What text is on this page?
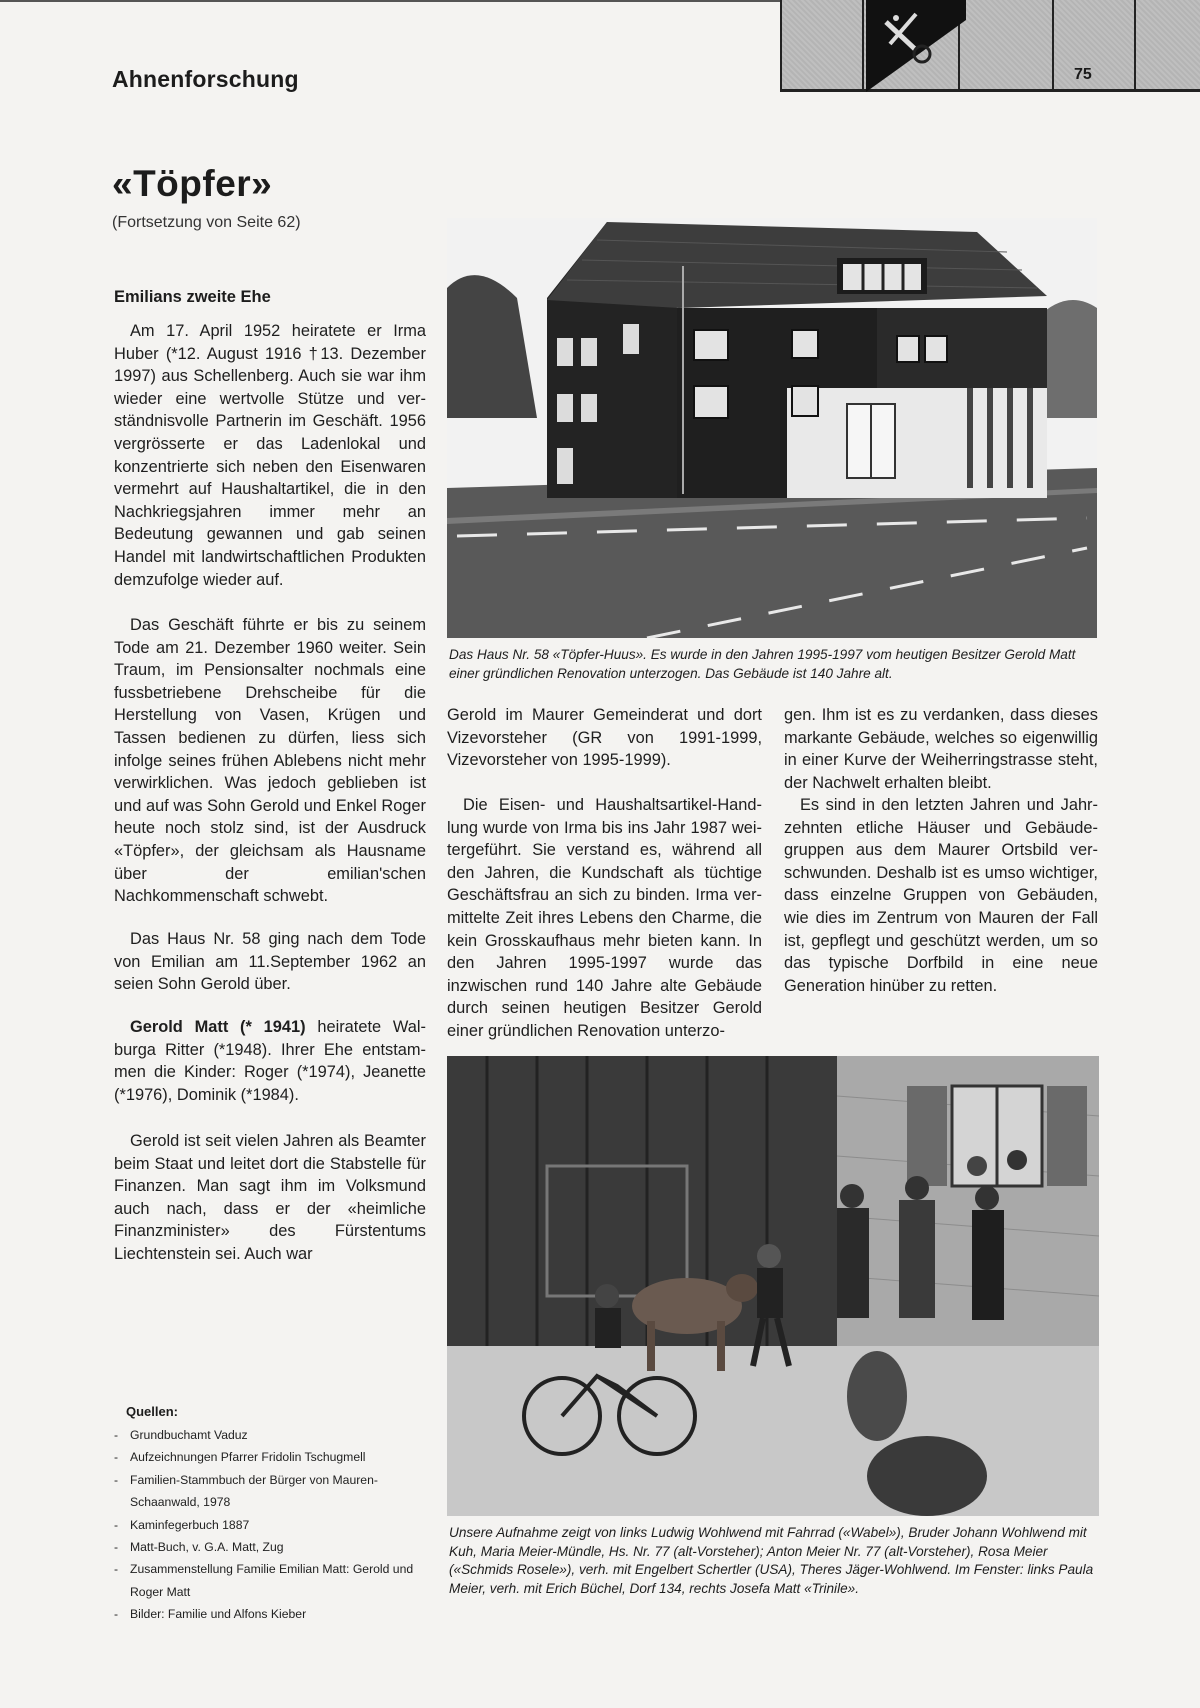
Ahnenforschung	75
«Töpfer»
(Fortsetzung von Seite 62)
Emilians zweite Ehe

Am 17. April 1952 heiratete er Irma Huber (*12. August 1916 †13. Dezember 1997) aus Schellenberg. Auch sie war ihm wieder eine wertvolle Stütze und verständnisvolle Partnerin im Geschäft. 1956 vergrösserte er das Ladenlokal und konzentrierte sich neben den Eisenwaren vermehrt auf Haushaltartikel, die in den Nachkriegsjahren immer mehr an Bedeutung gewannen und gab seinen Handel mit landwirtschaftlichen Produkten demzufolge wieder auf.

Das Geschäft führte er bis zu seinem Tode am 21. Dezember 1960 weiter. Sein Traum, im Pensionsalter nochmals eine fussbetriebene Drehscheibe für die Herstellung von Vasen, Krügen und Tassen bedienen zu dürfen, liess sich infolge seines frühen Ablebens nicht mehr verwirklichen. Was jedoch geblieben ist und auf was Sohn Gerold und Enkel Roger heute noch stolz sind, ist der Ausdruck «Töpfer», der gleichsam als Hausname über der emilian'schen Nachkommenschaft schwebt.

Das Haus Nr. 58 ging nach dem Tode von Emilian am 11.September 1962 an seien Sohn Gerold über.

Gerold Matt (* 1941) heiratete Walburga Ritter (*1948). Ihrer Ehe entstammen die Kinder: Roger (*1974), Jeanette (*1976), Dominik (*1984).

Gerold ist seit vielen Jahren als Beamter beim Staat und leitet dort die Stabstelle für Finanzen. Man sagt ihm im Volksmund auch nach, dass er der «heimliche Finanzminister» des Fürstentums Liechtenstein sei. Auch war

Das Haus Nr. 58 «Töpfer-Huus». Es wurde in den Jahren 1995-1997 vom heutigen Besitzer Gerold Matt einer gründlichen Renovation unterzogen. Das Gebäude ist 140 Jahre alt.

Gerold im Maurer Gemeinderat und dort Vizevorsteher (GR von 1991-1999, Vizevorsteher von 1995-1999).

Die Eisen- und Haushaltsartikel-Handlung wurde von Irma bis ins Jahr 1987 weitergeführt. Sie verstand es, während all den Jahren, die Kundschaft als tüchtige Geschäftsfrau an sich zu binden. Irma vermittelte Zeit ihres Lebens den Charme, die kein Grosskaufhaus mehr bieten kann. In den Jahren 1995-1997 wurde das inzwischen rund 140 Jahre alte Gebäude durch seinen heutigen Besitzer Gerold einer gründlichen Renovation unterzo-

gen. Ihm ist es zu verdanken, dass dieses markante Gebäude, welches so eigenwillig in einer Kurve der Weiherringstrasse steht, der Nachwelt erhalten bleibt.

Es sind in den letzten Jahren und Jahrzehnten etliche Häuser und Gebäudegruppen aus dem Maurer Ortsbild verschwunden. Deshalb ist es umso wichtiger, dass einzelne Gruppen von Gebäuden, wie dies im Zentrum von Mauren der Fall ist, gepflegt und geschützt werden, um so das typische Dorfbild in eine neue Generation hinüber zu retten.

Unsere Aufnahme zeigt von links Ludwig Wohlwend mit Fahrrad («Wabel»), Bruder Johann Wohlwend mit Kuh, Maria Meier-Mündle, Hs. Nr. 77 (alt-Vorsteher); Anton Meier Nr. 77 (alt-Vorsteher), Rosa Meier («Schmids Rosele»), verh. mit Engelbert Schertler (USA), Theres Jäger-Wohlwend. Im Fenster: links Paula Meier, verh. mit Erich Büchel, Dorf 134, rechts Josefa Matt «Trinile».
Quellen:
- Grundbuchamt Vaduz
- Aufzeichnungen Pfarrer Fridolin Tschugmell
- Familien-Stammbuch der Bürger von Mauren-Schaanwald, 1978
- Kaminfegerbuch 1887
- Matt-Buch, v. G.A. Matt, Zug
- Zusammenstellung Familie Emilian Matt: Gerold und Roger Matt
- Bilder: Familie und Alfons Kieber
